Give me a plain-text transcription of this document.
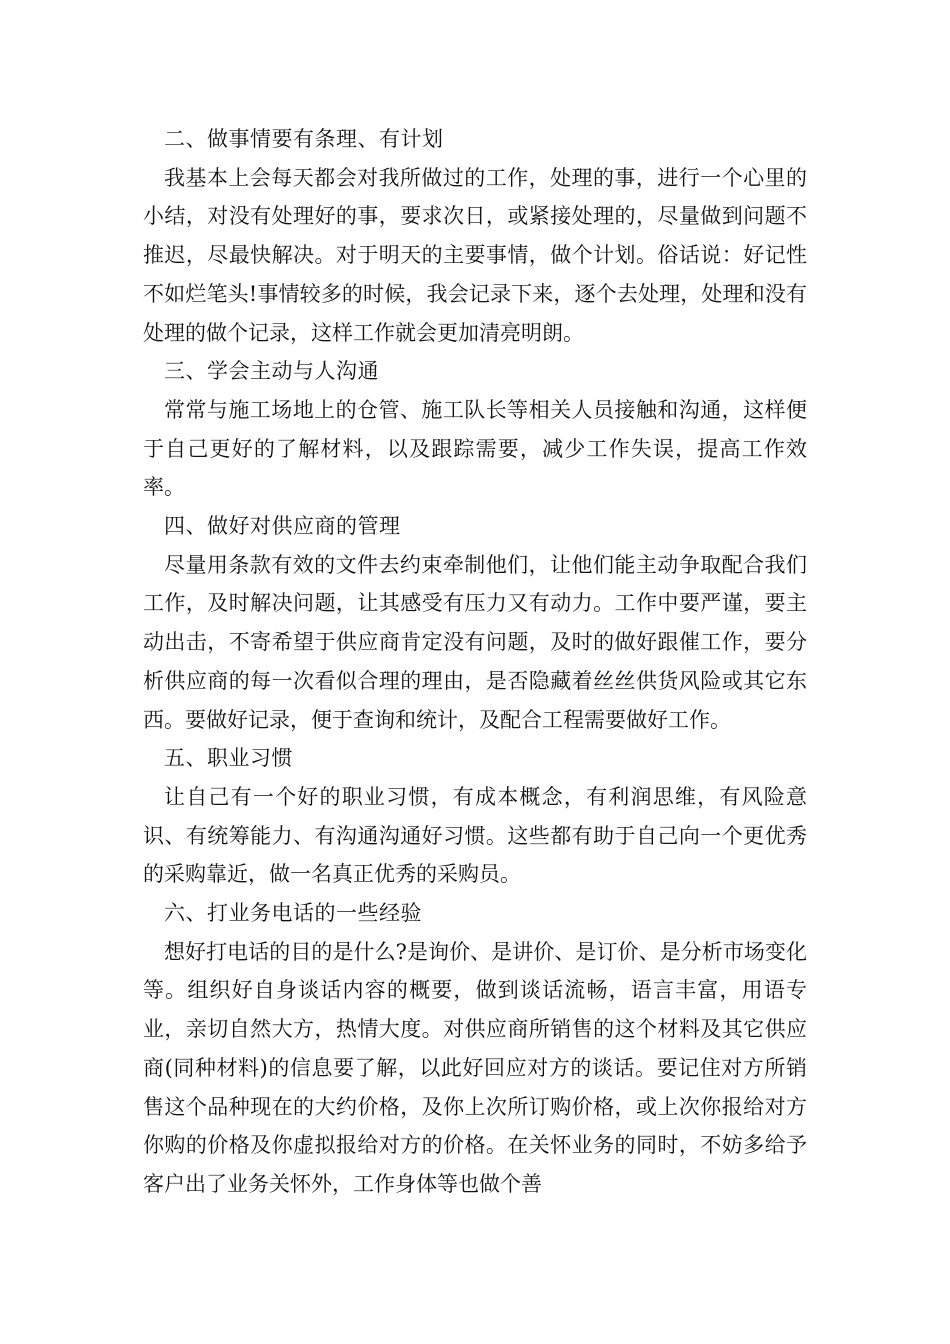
二、做事情要有条理、有计划

我基本上会每天都会对我所做过的工作，处理的事，进行一个心里的小结，对没有处理好的事，要求次日，或紧接处理的，尽量做到问题不推迟，尽最快解决。对于明天的主要事情，做个计划。俗话说：好记性不如烂笔头!事情较多的时候，我会记录下来，逐个去处理，处理和没有处理的做个记录，这样工作就会更加清亮明朗。

三、学会主动与人沟通

常常与施工场地上的仓管、施工队长等相关人员接触和沟通，这样便于自己更好的了解材料，以及跟踪需要，减少工作失误，提高工作效率。

四、做好对供应商的管理

尽量用条款有效的文件去约束牵制他们，让他们能主动争取配合我们工作，及时解决问题，让其感受有压力又有动力。工作中要严谨，要主动出击，不寄希望于供应商肯定没有问题，及时的做好跟催工作，要分析供应商的每一次看似合理的理由，是否隐藏着丝丝供货风险或其它东西。要做好记录，便于查询和统计，及配合工程需要做好工作。

五、职业习惯

让自己有一个好的职业习惯，有成本概念，有利润思维，有风险意识、有统筹能力、有沟通沟通好习惯。这些都有助于自己向一个更优秀的采购靠近，做一名真正优秀的采购员。

六、打业务电话的一些经验

想好打电话的目的是什么?是询价、是讲价、是订价、是分析市场变化等。组织好自身谈话内容的概要，做到谈话流畅，语言丰富，用语专业，亲切自然大方，热情大度。对供应商所销售的这个材料及其它供应商(同种材料)的信息要了解，以此好回应对方的谈话。要记住对方所销售这个品种现在的大约价格，及你上次所订购价格，或上次你报给对方你购的价格及你虚拟报给对方的价格。在关怀业务的同时，不妨多给予客户出了业务关怀外，工作身体等也做个善
